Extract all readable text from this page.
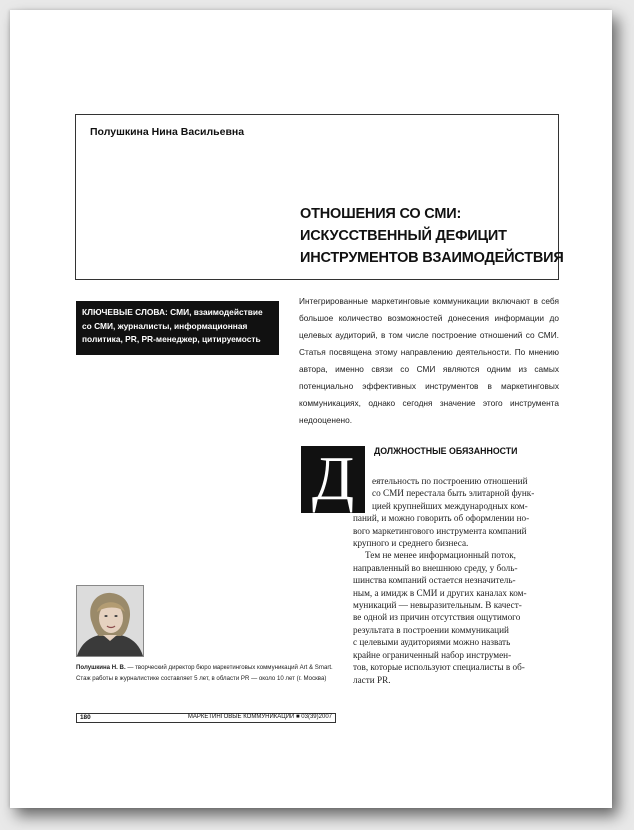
Полушкина Нина Васильевна
ОТНОШЕНИЯ СО СМИ:
ИСКУССТВЕННЫЙ ДЕФИЦИТ
ИНСТРУМЕНТОВ ВЗАИМОДЕЙСТВИЯ
КЛЮЧЕВЫЕ СЛОВА: СМИ, взаимодействие со СМИ, журналисты, информационная политика, PR, PR-менеджер, цитируемость
Интегрированные маркетинговые коммуникации включают в себя большое количество возможностей донесения информации до целевых аудиторий, в том числе построение отношений со СМИ. Статья посвящена этому направлению деятельности. По мнению автора, именно связи со СМИ являются одним из самых потенциально эффективных инструментов в маркетинговых коммуникациях, однако сегодня значение этого инструмента недооценено.
Д	ДОЛЖНОСТНЫЕ ОБЯЗАННОСТИ
еятельность по построению отношений
со СМИ перестала быть элитарной функ-
цией крупнейших международных ком-
паний, и можно говорить об оформлении но-
вого маркетингового инструмента компаний
крупного и среднего бизнеса.
Тем не менее информационный поток,
направленный во внешнюю среду, у боль-
шинства компаний остается незначитель-
ным, а имидж в СМИ и других каналах ком-
муникаций — невыразительным. В качест-
ве одной из причин отсутствия ощутимого
результата в построении коммуникаций
с целевыми аудиториями можно назвать
крайне ограниченный набор инструмен-
тов, которые используют специалисты в об-
ласти PR.
Полушкина Н. В. — творческий директор бюро маркетинговых коммуникаций Art & Smart. Стаж работы в журналистике составляет 5 лет, в области PR — около 10 лет (г. Москва)
180	МАРКЕТИНГОВЫЕ КОММУНИКАЦИИ ■ 03(39)2007
